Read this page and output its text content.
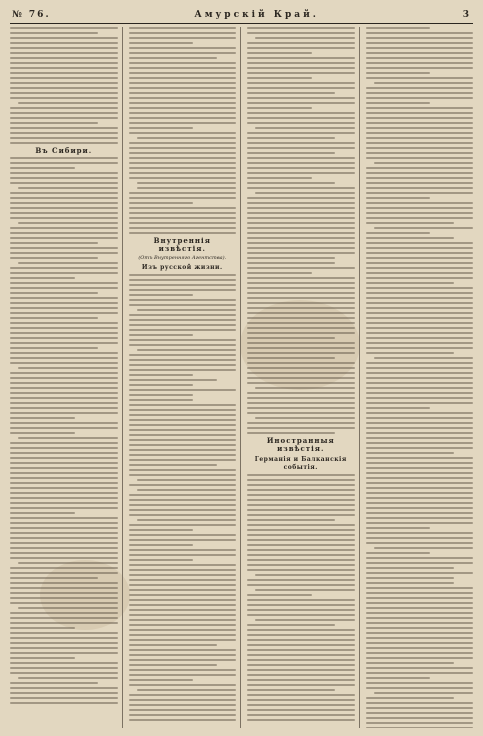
№ 76.	Амурскій Край.	3
Въ Сибири.
Внутреннія извѣстія.
(Отъ Внутренняго Агентства).
Изъ русской жизни.
Иностранныя извѣстія.
Германія и Балканскія событія.
